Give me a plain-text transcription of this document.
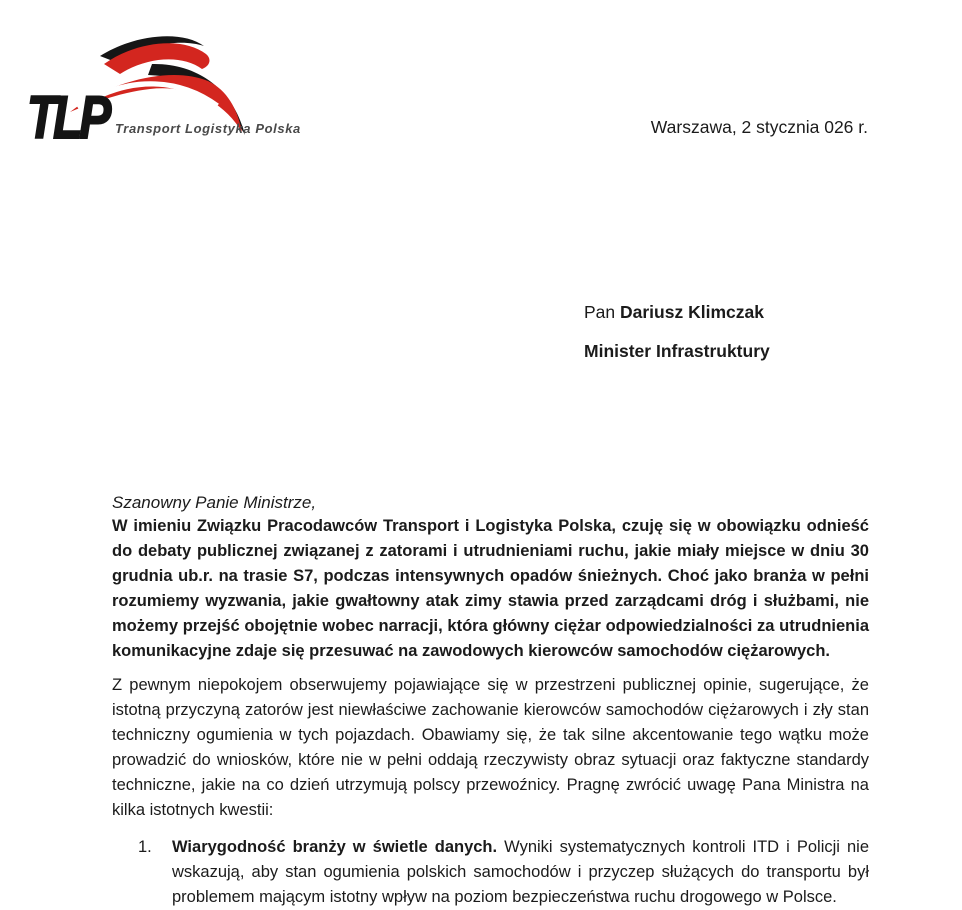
TLP Transport Logistyka Polska	Warszawa, 2 stycznia 026 r.

Pan Dariusz Klimczak

Minister Infrastruktury

Szanowny Panie Ministrze,

W imieniu Związku Pracodawców Transport i Logistyka Polska, czuję się w obowiązku odnieść do debaty publicznej związanej z zatorami i utrudnieniami ruchu, jakie miały miejsce w dniu 30 grudnia ub.r. na trasie S7, podczas intensywnych opadów śnieżnych. Choć jako branża w pełni rozumiemy wyzwania, jakie gwałtowny atak zimy stawia przed zarządcami dróg i służbami, nie możemy przejść obojętnie wobec narracji, która główny ciężar odpowiedzialności za utrudnienia komunikacyjne zdaje się przesuwać na zawodowych kierowców samochodów ciężarowych.

Z pewnym niepokojem obserwujemy pojawiające się w przestrzeni publicznej opinie, sugerujące, że istotną przyczyną zatorów jest niewłaściwe zachowanie kierowców samochodów ciężarowych i zły stan techniczny ogumienia w tych pojazdach. Obawiamy się, że tak silne akcentowanie tego wątku może prowadzić do wniosków, które nie w pełni oddają rzeczywisty obraz sytuacji oraz faktyczne standardy techniczne, jakie na co dzień utrzymują polscy przewoźnicy. Pragnę zwrócić uwagę Pana Ministra na kilka istotnych kwestii:

1.	Wiarygodność branży w świetle danych. Wyniki systematycznych kontroli ITD i Policji nie wskazują, aby stan ogumienia polskich samochodów i przyczep służących do transportu był problemem mającym istotny wpływ na poziom bezpieczeństwa ruchu drogowego w Polsce.
